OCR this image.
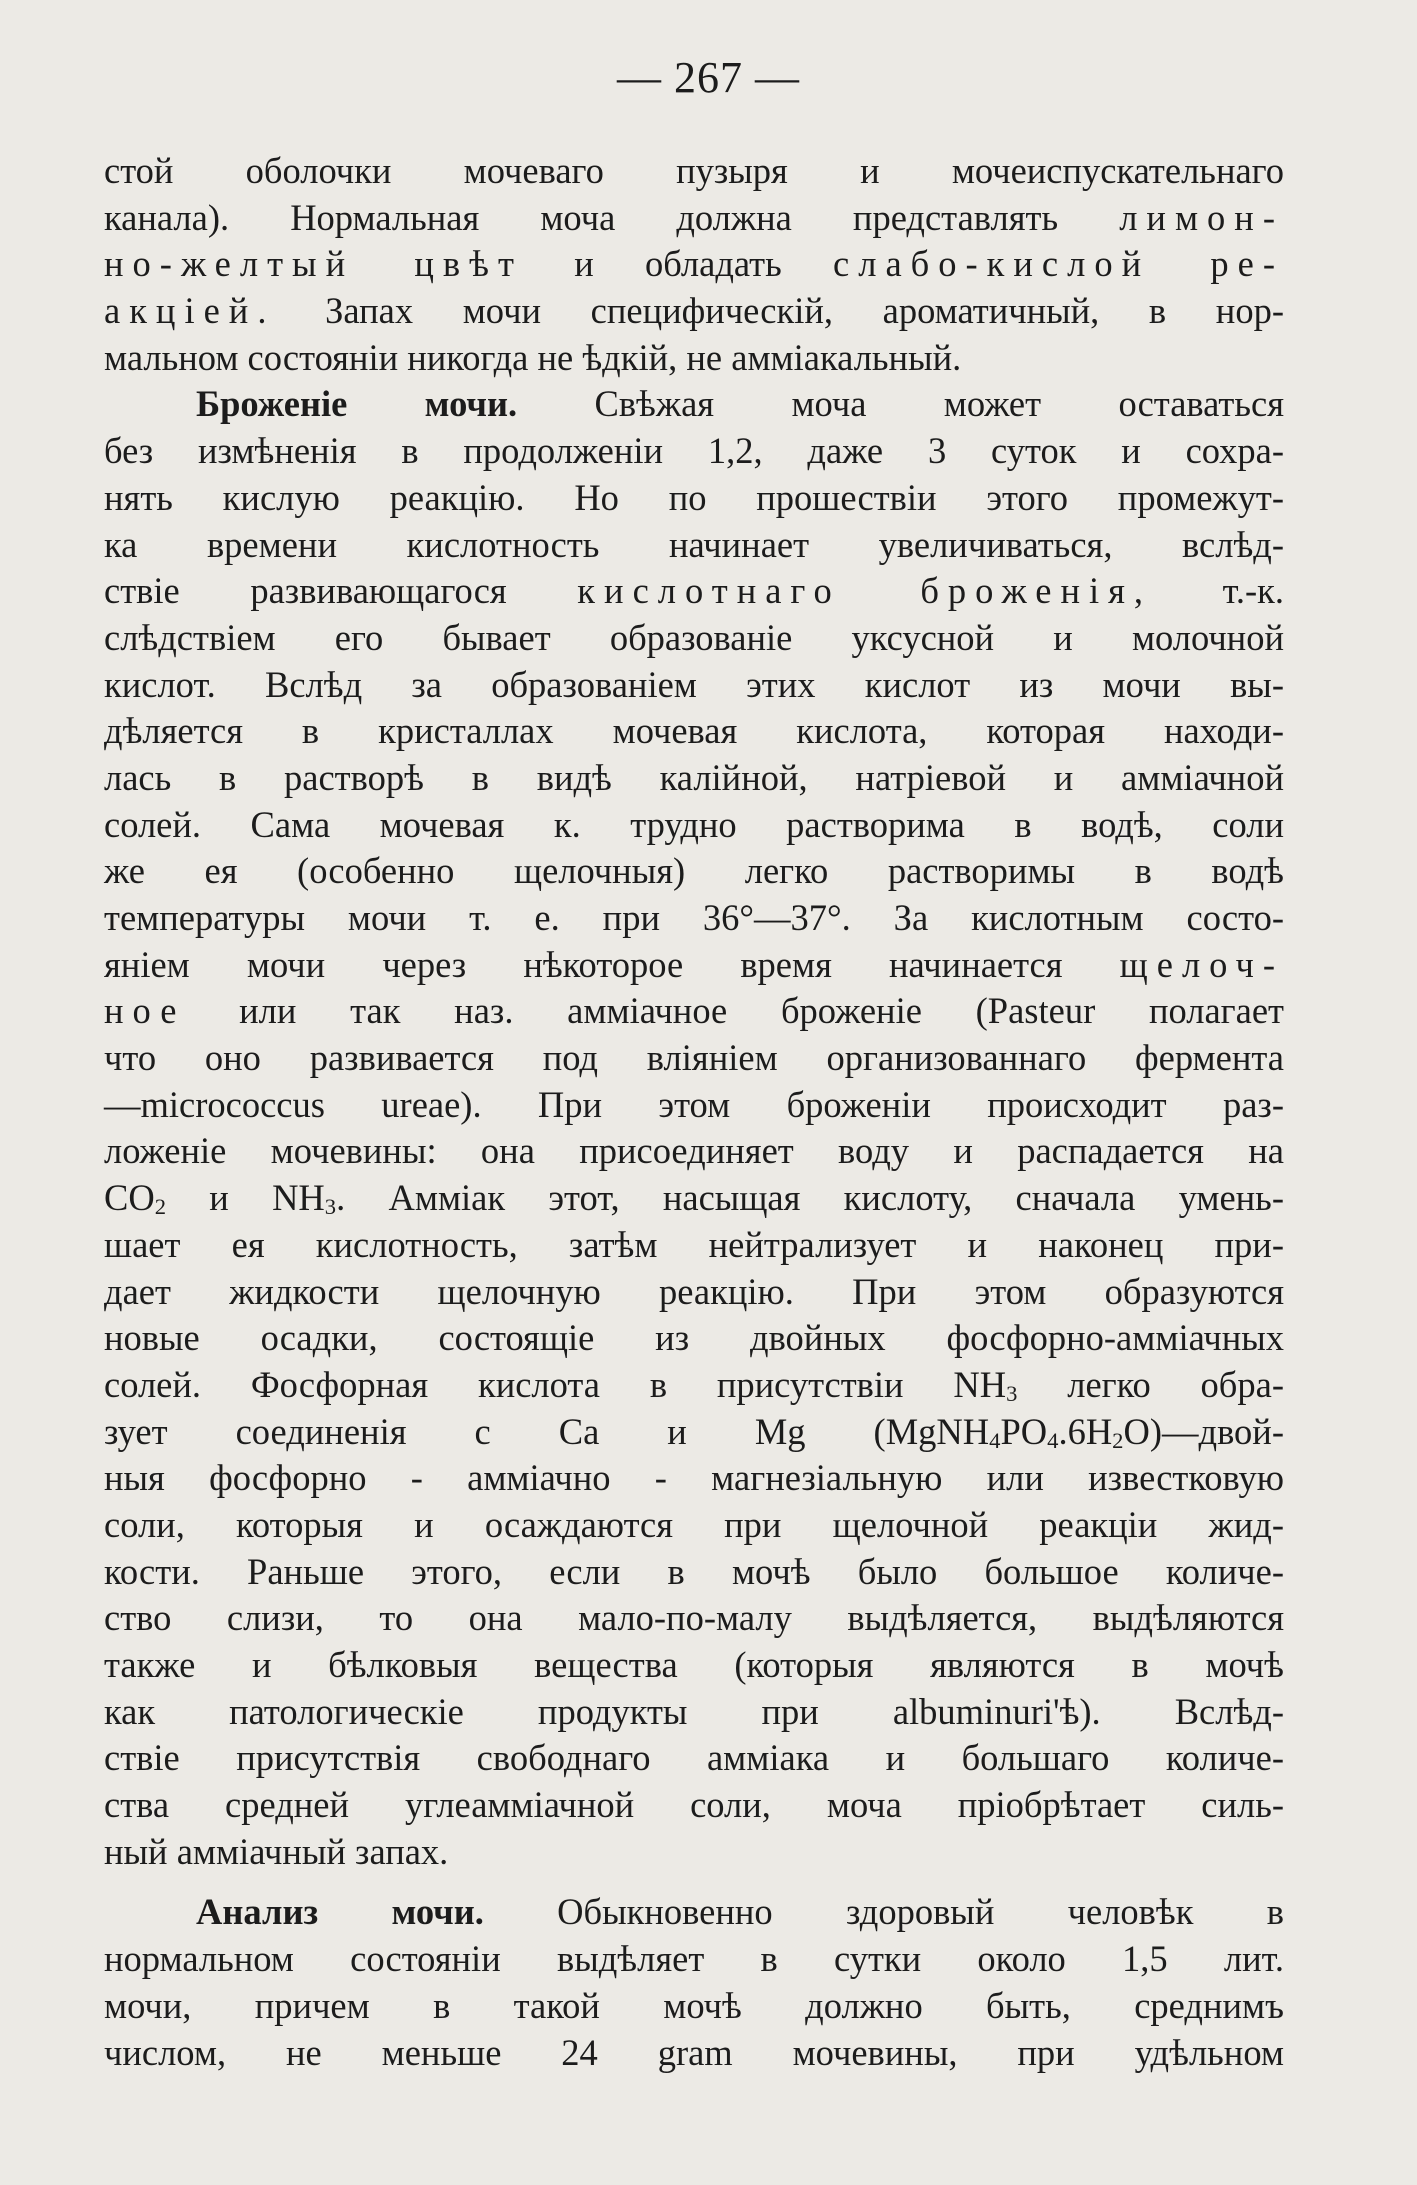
— 267 —
стой оболочки мочеваго пузыря и мочеиспускательнаго
канала). Нормальная моча должна представлять лимон-
но-желтый цвѣт и обладать слабо-кислой ре-
акціей. Запах мочи специфическій, ароматичный, в нор-
мальном состояніи никогда не ѣдкій, не амміакальный.
Броженіе мочи. Свѣжая моча может оставаться
без измѣненія в продолженіи 1,2, даже 3 суток и сохра-
нять кислую реакцію. Но по прошествіи этого промежут-
ка времени кислотность начинает увеличиваться, вслѣд-
ствіе развивающагося кислотнаго броженія, т.-к.
слѣдствіем его бывает образованіе уксусной и молочной
кислот. Вслѣд за образованіем этих кислот из мочи вы-
дѣляется в кристаллах мочевая кислота, которая находи-
лась в растворѣ в видѣ калійной, натріевой и амміачной
солей. Сама мочевая к. трудно растворима в водѣ, соли
же ея (особенно щелочныя) легко растворимы в водѣ
температуры мочи т. е. при 36°—37°. За кислотным состо-
яніем мочи через нѣкоторое время начинается щелоч-
ное или так наз. амміачное броженіе (Pasteur полагает
что оно развивается под вліяніем организованнаго фермента
—micrococcus ureae). При этом броженіи происходит раз-
ложеніе мочевины: она присоединяет воду и распадается на
$CO_2$ и $NH_3$. Амміак этот, насыщая кислоту, сначала умень-
шает ея кислотность, затѣм нейтрализует и наконец при-
дает жидкости щелочную реакцію. При этом образуются
новые осадки, состоящіе из двойных фосфорно-амміачных
солей. Фосфорная кислота в присутствіи $NH_3$ легко обра-
зует соединенія с Ca и Mg $(MgNH_4PO_4.6H_2O)—двой-$
ныя фосфорно - амміачно - магнезіальную или известковую
соли, которыя и осаждаются при щелочной реакціи жид-
кости. Раньше этого, если в мочѣ было большое количе-
ство слизи, то она мало-по-малу выдѣляется, выдѣляются
также и бѣлковыя вещества (которыя являются в мочѣ
как патологическіе продукты при albuminuri'ѣ). Вслѣд-
ствіе присутствія свободнаго амміака и большаго количе-
ства средней углеамміачной соли, моча пріобрѣтает силь-
ный амміачный запах.
Анализ мочи. Обыкновенно здоровый человѣк в
нормальном состояніи выдѣляет в сутки около 1,5 лит.
мочи, причем в такой мочѣ должно быть, среднимъ
числом, не меньше 24 gram мочевины, при удѣльном
